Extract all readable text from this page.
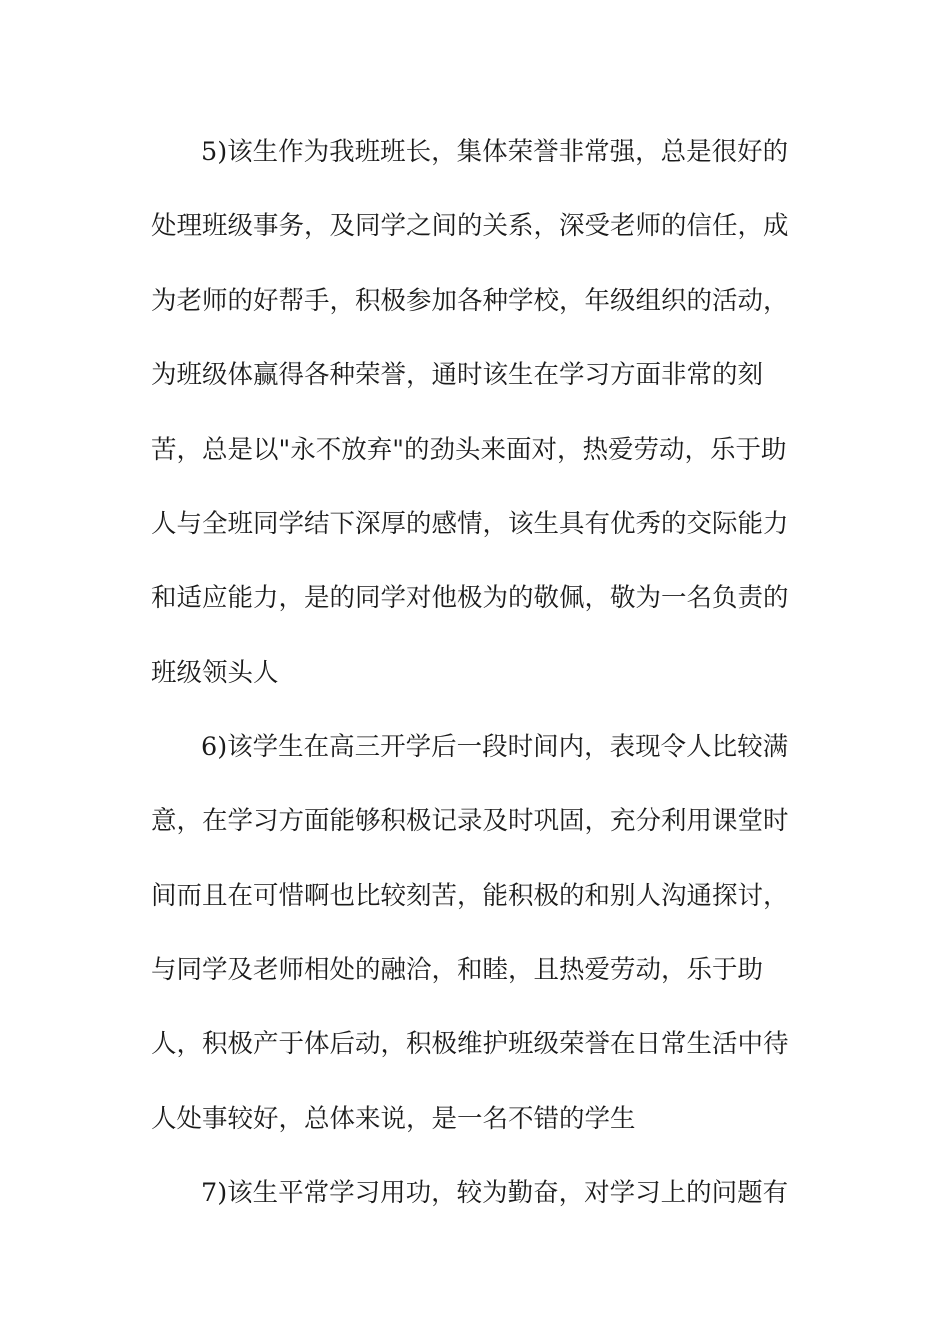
5)该生作为我班班长，集体荣誉非常强，总是很好的
处理班级事务，及同学之间的关系，深受老师的信任，成
为老师的好帮手，积极参加各种学校，年级组织的活动，
为班级体赢得各种荣誉，通时该生在学习方面非常的刻
苦，总是以"永不放弃"的劲头来面对，热爱劳动，乐于助
人与全班同学结下深厚的感情，该生具有优秀的交际能力
和适应能力，是的同学对他极为的敬佩，敬为一名负责的
班级领头人
6)该学生在高三开学后一段时间内，表现令人比较满
意，在学习方面能够积极记录及时巩固，充分利用课堂时
间而且在可惜啊也比较刻苦，能积极的和别人沟通探讨，
与同学及老师相处的融洽，和睦，且热爱劳动，乐于助
人，积极产于体后动，积极维护班级荣誉在日常生活中待
人处事较好，总体来说，是一名不错的学生
7)该生平常学习用功，较为勤奋，对学习上的问题有
